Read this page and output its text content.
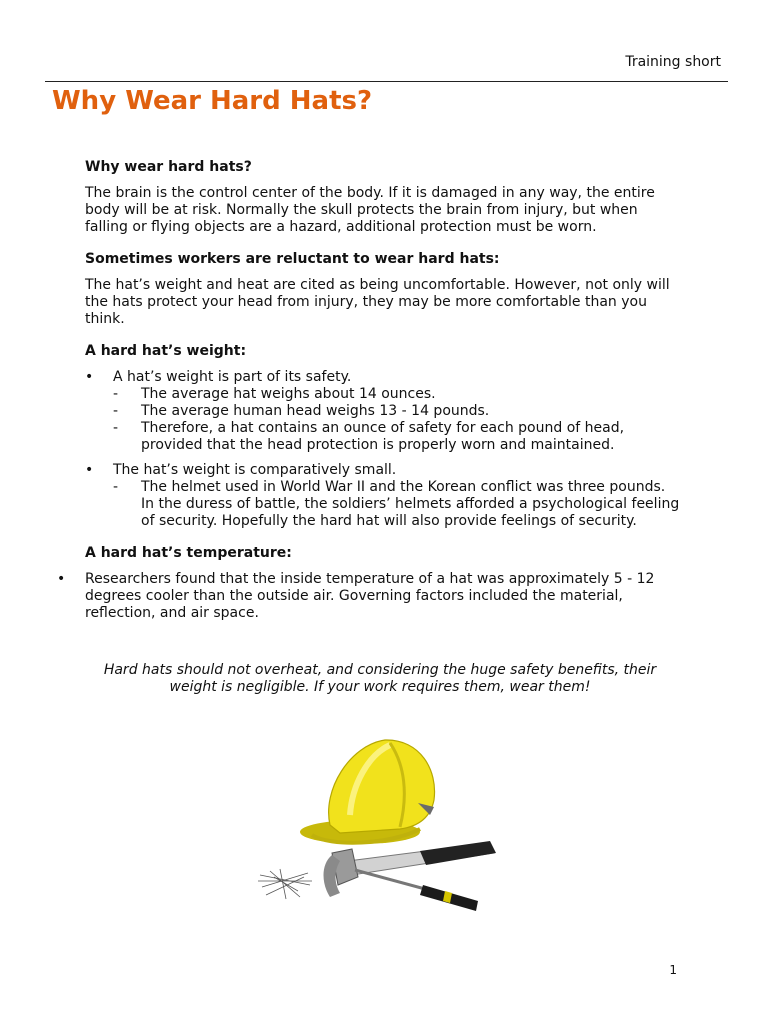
Training short
Why Wear Hard Hats?

Why wear hard hats?

The brain is the control center of the body. If it is damaged in any way, the entire body will be at risk. Normally the skull protects the brain from injury, but when falling or flying objects are a hazard, additional protection must be worn.

Sometimes workers are reluctant to wear hard hats:

The hat’s weight and heat are cited as being uncomfortable. However, not only will the hats protect your head from injury, they may be more comfortable than you think.

A hard hat’s weight:

• A hat’s weight is part of its safety.
- The average hat weighs about 14 ounces.
- The average human head weighs 13 - 14 pounds.
- Therefore, a hat contains an ounce of safety for each pound of head, provided that the head protection is properly worn and maintained.
• The hat’s weight is comparatively small.
- The helmet used in World War II and the Korean conflict was three pounds. In the duress of battle, the soldiers’ helmets afforded a psychological feeling of security. Hopefully the hard hat will also provide feelings of security.

A hard hat’s temperature:

• Researchers found that the inside temperature of a hat was approximately 5 - 12 degrees cooler than the outside air. Governing factors included the material, reflection, and air space.
Hard hats should not overheat, and considering the huge safety benefits, their weight is negligible. If your work requires them, wear them!
1
